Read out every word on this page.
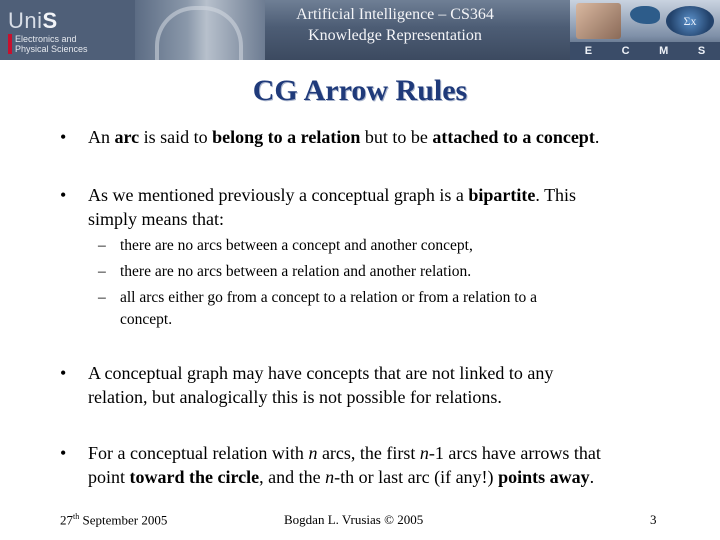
UniS
Electronics and
Physical Sciences
Artificial Intelligence – CS364
Knowledge Representation
Σx
E	C	M	S
CG Arrow Rules
• An arc is said to belong to a relation but to be attached to a concept.
• As we mentioned previously a conceptual graph is a bipartite. This
simply means that:
– there are no arcs between a concept and another concept,
– there are no arcs between a relation and another relation.
– all arcs either go from a concept to a relation or from a relation to a
concept.
• A conceptual graph may have concepts that are not linked to any
relation, but analogically this is not possible for relations.
• For a conceptual relation with n arcs, the first n-1 arcs have arrows that
point toward the circle, and the n-th or last arc (if any!) points away.
27th September 2005	Bogdan L. Vrusias © 2005	3
